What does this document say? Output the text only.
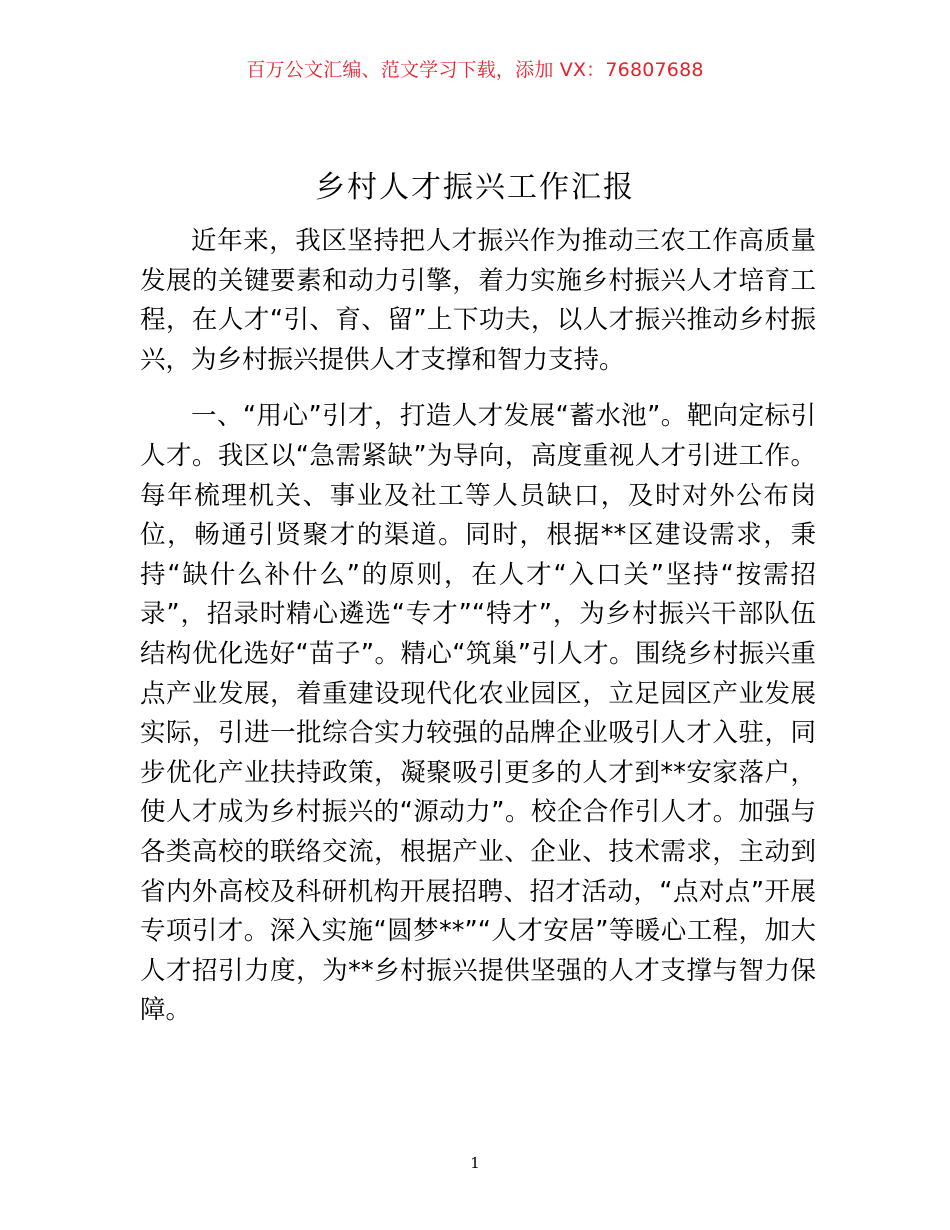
百万公文汇编、范文学习下载，添加 VX：76807688
乡村人才振兴工作汇报

近年来，我区坚持把人才振兴作为推动三农工作高质量发展的关键要素和动力引擎，着力实施乡村振兴人才培育工程，在人才“引、育、留”上下功夫，以人才振兴推动乡村振兴，为乡村振兴提供人才支撑和智力支持。

一、“用心”引才，打造人才发展“蓄水池”。靶向定标引人才。我区以“急需紧缺”为导向，高度重视人才引进工作。每年梳理机关、事业及社工等人员缺口，及时对外公布岗位，畅通引贤聚才的渠道。同时，根据**区建设需求，秉持“缺什么补什么”的原则，在人才“入口关”坚持“按需招录”，招录时精心遴选“专才”“特才”，为乡村振兴干部队伍结构优化选好“苗子”。精心“筑巢”引人才。围绕乡村振兴重点产业发展，着重建设现代化农业园区，立足园区产业发展实际，引进一批综合实力较强的品牌企业吸引人才入驻，同步优化产业扶持政策，凝聚吸引更多的人才到**安家落户，使人才成为乡村振兴的“源动力”。校企合作引人才。加强与各类高校的联络交流，根据产业、企业、技术需求，主动到省内外高校及科研机构开展招聘、招才活动，“点对点”开展专项引才。深入实施“圆梦**”“人才安居”等暖心工程，加大人才招引力度，为**乡村振兴提供坚强的人才支撑与智力保障。

1
